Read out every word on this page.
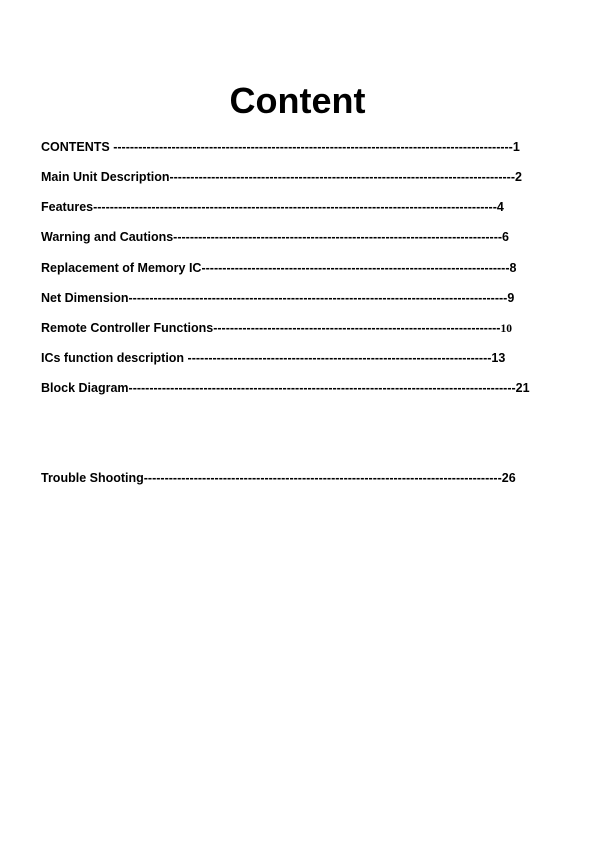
Content
CONTENTS ------------------------------------------------------------------------------------------------1
Main Unit Description-----------------------------------------------------------------------------------2
Features-------------------------------------------------------------------------------------------------4
Warning and Cautions-------------------------------------------------------------------------------6
Replacement of Memory IC--------------------------------------------------------------------------8
Net Dimension-------------------------------------------------------------------------------------------9
Remote Controller Functions---------------------------------------------------------------------10
ICs function description -------------------------------------------------------------------------13
Block Diagram---------------------------------------------------------------------------------------------21
Trouble Shooting--------------------------------------------------------------------------------------26
